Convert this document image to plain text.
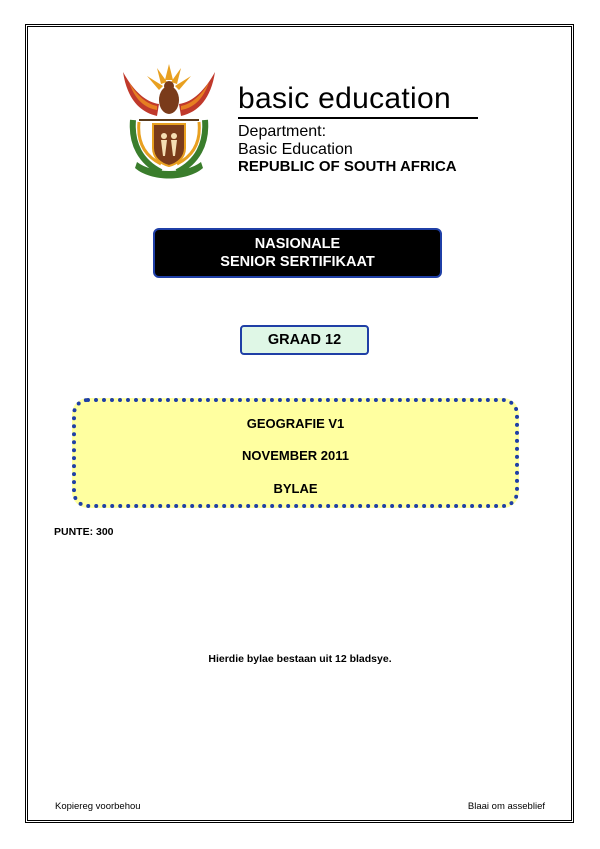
basic education
Department:
Basic Education
REPUBLIC OF SOUTH AFRICA
NASIONALE
SENIOR SERTIFIKAAT
GRAAD 12
GEOGRAFIE V1
NOVEMBER 2011
BYLAE
PUNTE: 300
Hierdie bylae bestaan uit 12 bladsye.
Kopiereg voorbehou	Blaai om asseblief
